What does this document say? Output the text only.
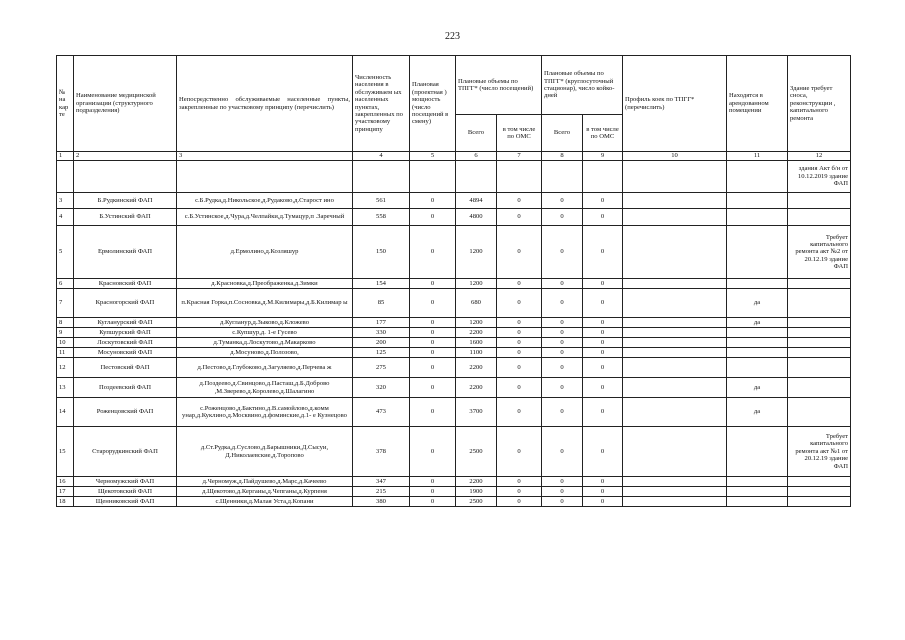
223
№ на кар те	Наименование медицинской организации (структурного подразделения)	Непосредственно обслуживаемые населенные пункты, закрепленные по участковому принципу (перечислить)	Численность населения в обслуживаем ых населенных пунктах, закрепленных по участковому принципу	Плановая (проектная ) мощность (число посещений в смену)	Плановые объемы по ТПГГ* (число посещений)		Плановые объемы по ТПГГ* (круглосуточный стационар), число койко-дней		Профиль коек по ТПГГ* (перечислить)	Находятся в арендованном помещении	Здание требует сноса, реконструкции , капитального ремонта
					Всего	в том числе по ОМС	Всего	в том числе по ОМС			
1	2	3	4	5	6	7	8	9	10	11	12
											здания Акт б/н от 10.12.2019 здание ФАП
3	Б.Рудкинский ФАП	с.Б.Рудка,д.Никольское,д.Рудаково,д.Старост ино	561	0	4894	0	0	0			
4	Б.Устинский ФАП	с.Б.Устинское,д.Чура,д.Челпайки,д.Тумацур,п .Заречный	558	0	4800	0	0	0			
5	Ермолинский ФАП	д.Ермолино,д.Козляшур	150	0	1200	0	0	0			Требует капитального ремонта акт №2 от 20.12.19 здание ФАП
6	Красновский ФАП	д.Красновка,д.Преображенка,д.Зимки	154	0	1200	0	0	0			
7	Красногорский ФАП	п.Красная Горка,п.Сосновка,д.М.Килимары,д.Б.Килимар ы	85	0	680	0	0	0		да	
8	Кугланурский ФАП	д.Кугланур,д.Зыково,д.Кложево	177	0	1200	0	0	0		да	
9	Купшурский ФАП	с.Купшур,д. 1-е Гусево	330	0	2200	0	0	0			
10	Лоскутовский ФАП	д.Туманка,д.Лоскутово,д.Макарково	200	0	1600	0	0	0			
11	Мосуновский ФАП	д.Мосуново,д.Полозово,	125	0	1100	0	0	0			
12	Пестовский ФАП	д.Пестово,д.Глубоково,д.Загуляево,д.Перчева ж	275	0	2200	0	0	0			
13	Поздеевский ФАП	д.Поздеево,д.Свинцово,д.Пасташ,д.Б.Доброво ,М.Зверево,д.Королево,д.Шалагино	320	0	2200	0	0	0		да	
14	Роженцовский ФАП	с.Роженцово,д.Бактино,д.В.самойлово,д.комм унар,д.Куклино,д.Москвино,д.фоминские,д.1- е Кузнецово	473	0	3700	0	0	0		да	
15	Старорудкинский ФАП	д.Ст.Рудка,д.Суслово,д.Барышники,Д.Сысуи, Д.Николаевские,д.Торопово	378	0	2500	0	0	0			Требует капитального ремонта акт №1 от 20.12.19 здание ФАП
16	Черномужский ФАП	д.Черномуж,д.Пайдушево,д.Марс,д.Качеево	347	0	2200	0	0	0			
17	Щекотовский ФАП	д.Щекотово,д.Кергаиы,д.Чепганы,д.Курпеня	215	0	1900	0	0	0			
18	Щенниковский ФАП	с.Щенники,д.Малая Уста,д.Копани	380	0	2500	0	0	0			
